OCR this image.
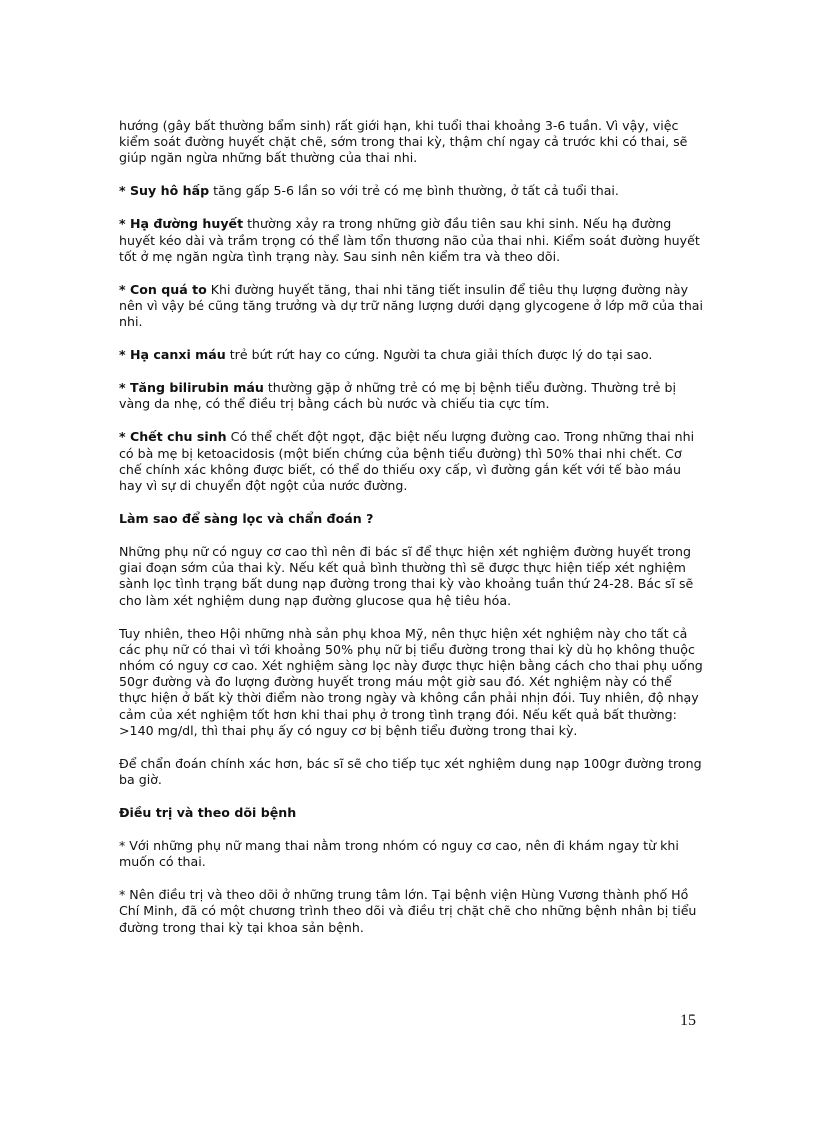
hướng (gây bất thường bẩm sinh) rất giới hạn, khi tuổi thai khoảng 3-6 tuần. Vì vậy, việc kiểm soát đường huyết chặt chẽ, sớm trong thai kỳ, thậm chí ngay cả trước khi có thai, sẽ giúp ngăn ngừa những bất thường của thai nhi.

* Suy hô hấp tăng gấp 5-6 lần so với trẻ có mẹ bình thường, ở tất cả tuổi thai.

* Hạ đường huyết thường xảy ra trong những giờ đầu tiên sau khi sinh. Nếu hạ đường huyết kéo dài và trầm trọng có thể làm tổn thương não của thai nhi. Kiểm soát đường huyết tốt ở mẹ ngăn ngừa tình trạng này. Sau sinh nên kiểm tra và theo dõi.

* Con quá to Khi đường huyết tăng, thai nhi tăng tiết insulin để tiêu thụ lượng đường này nên vì vậy bé cũng tăng trưởng và dự trữ năng lượng dưới dạng glycogene ở lớp mỡ của thai nhi.

* Hạ canxi máu trẻ bứt rứt hay co cứng. Người ta chưa giải thích được lý do tại sao.

* Tăng bilirubin máu thường gặp ở những trẻ có mẹ bị bệnh tiểu đường. Thường trẻ bị vàng da nhẹ, có thể điều trị bằng cách bù nước và chiếu tia cực tím.

* Chết chu sinh Có thể chết đột ngọt, đặc biệt nếu lượng đường cao. Trong những thai nhi có bà mẹ bị ketoacidosis (một biến chứng của bệnh tiểu đường) thì 50% thai nhi chết. Cơ chế chính xác không được biết, có thể do thiếu oxy cấp, vì đường gắn kết với tế bào máu hay vì sự di chuyển đột ngột của nước đường.

Làm sao để sàng lọc và chẩn đoán ?

Những phụ nữ có nguy cơ cao thì nên đi bác sĩ để thực hiện xét nghiệm đường huyết trong giai đoạn sớm của thai kỳ. Nếu kết quả bình thường thì sẽ được thực hiện tiếp xét nghiệm sành lọc tình trạng bất dung nạp đường trong thai kỳ vào khoảng tuần thứ 24-28. Bác sĩ sẽ cho làm xét nghiệm dung nạp đường glucose qua hệ tiêu hóa.

Tuy nhiên, theo Hội những nhà sản phụ khoa Mỹ, nên thực hiện xét nghiệm này cho tất cả các phụ nữ có thai vì tới khoảng 50% phụ nữ bị tiểu đường trong thai kỳ dù họ không thuộc nhóm có nguy cơ cao. Xét nghiệm sàng lọc này được thực hiện bằng cách cho thai phụ uống 50gr đường và đo lượng đường huyết trong máu một giờ sau đó. Xét nghiệm này có thể thực hiện ở bất kỳ thời điểm nào trong ngày và không cần phải nhịn đói. Tuy nhiên, độ nhạy cảm của xét nghiệm tốt hơn khi thai phụ ở trong tình trạng đói. Nếu kết quả bất thường: >140 mg/dl, thì thai phụ ấy có nguy cơ bị bệnh tiểu đường trong thai kỳ.

Để chẩn đoán chính xác hơn, bác sĩ sẽ cho tiếp tục xét nghiệm dung nạp 100gr đường trong ba giờ.

Điều trị và theo dõi bệnh

* Với những phụ nữ mang thai nằm trong nhóm có nguy cơ cao, nên đi khám ngay từ khi muốn có thai.

* Nên điều trị và theo dõi ở những trung tâm lớn. Tại bệnh viện Hùng Vương thành phố Hồ Chí Minh, đã có một chương trình theo dõi và điều trị chặt chẽ cho những bệnh nhân bị tiểu đường trong thai kỳ tại khoa sản bệnh.

15
